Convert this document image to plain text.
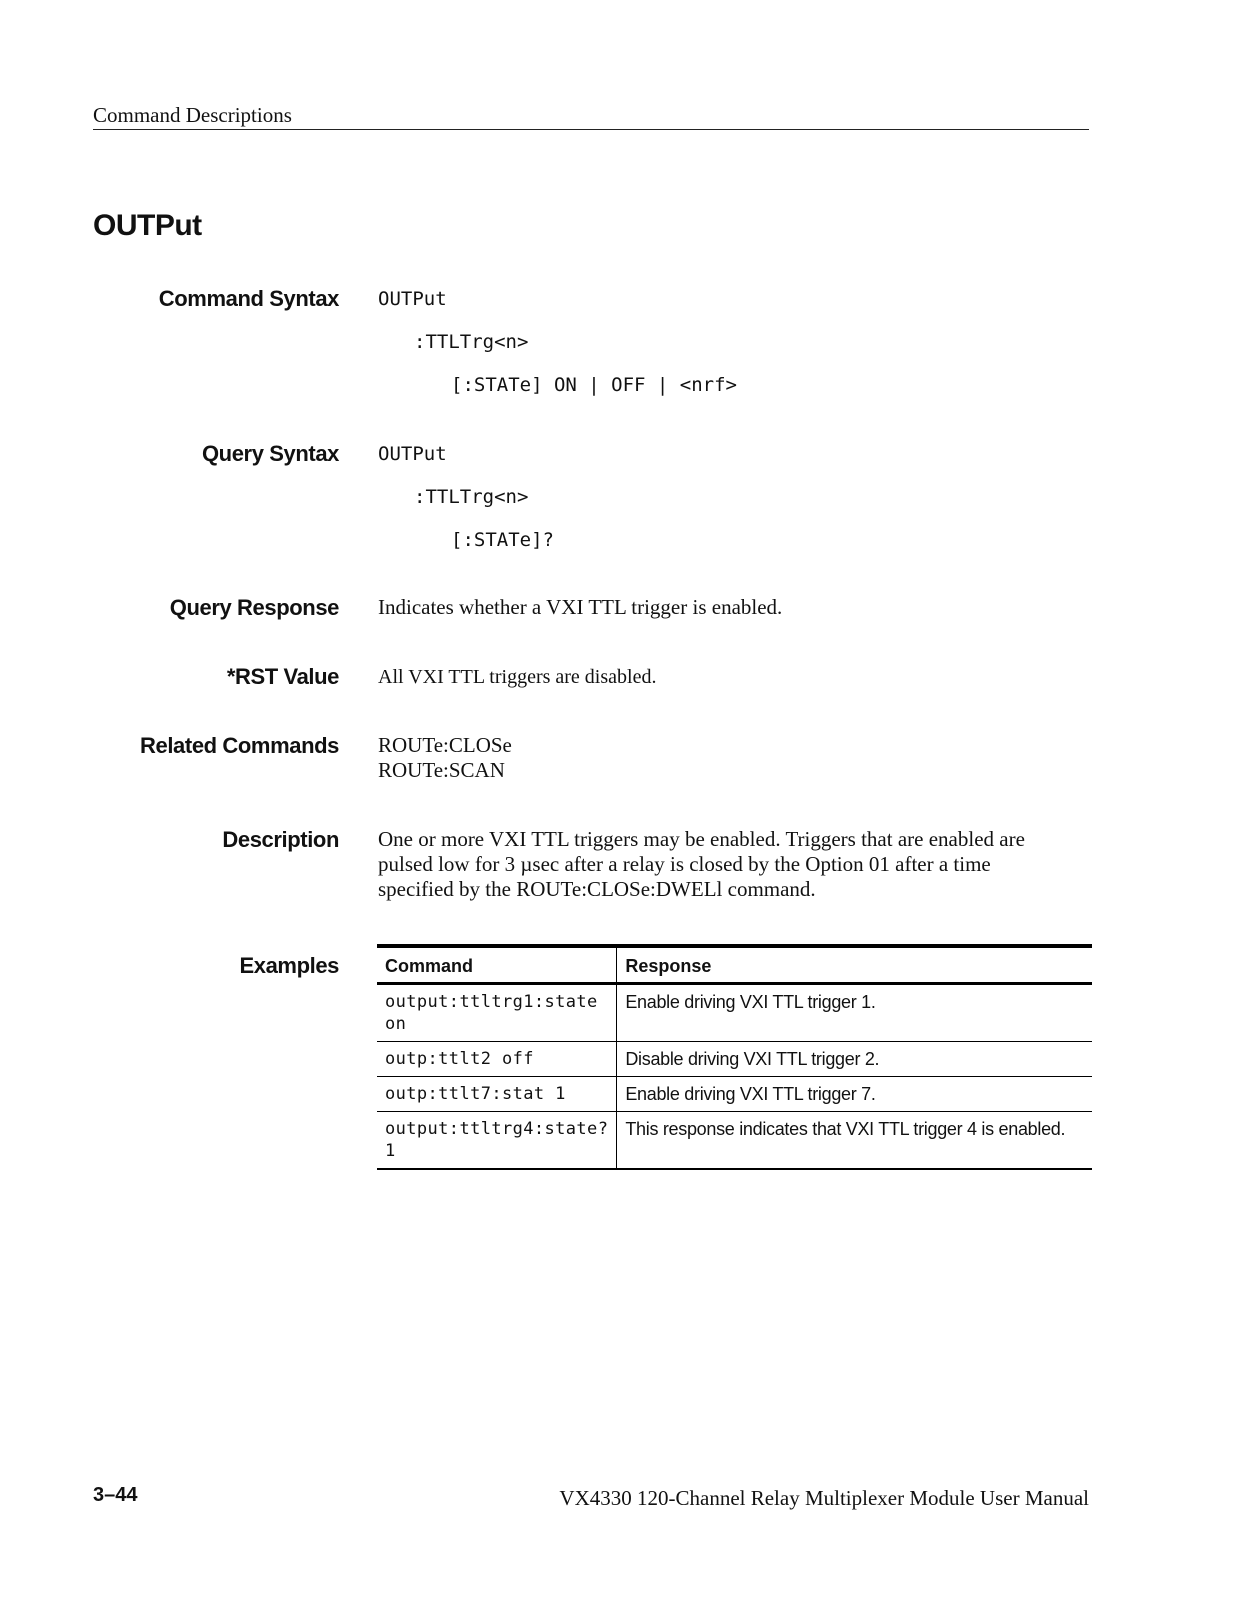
Command Descriptions
OUTPut
Command Syntax OUTPut
:TTLTrg<n>
[:STATe] ON | OFF | <nrf>
Query Syntax OUTPut
:TTLTrg<n>
[:STATe]?
Query Response Indicates whether a VXI TTL trigger is enabled.
*RST Value All VXI TTL triggers are disabled.
Related Commands ROUTe:CLOSe
ROUTe:SCAN
Description One or more VXI TTL triggers may be enabled. Triggers that are enabled are
pulsed low for 3 µsec after a relay is closed by the Option 01 after a time
specified by the ROUTe:CLOSe:DWELl command.
Examples	Command	Response
output:ttltrg1:state
on	Enable driving VXI TTL trigger 1.
outp:ttlt2 off	Disable driving VXI TTL trigger 2.
outp:ttlt7:stat 1	Enable driving VXI TTL trigger 7.
output:ttltrg4:state?1	This response indicates that VXI TTL trigger 4 is enabled.
3–44	VX4330 120-Channel Relay Multiplexer Module User Manual
